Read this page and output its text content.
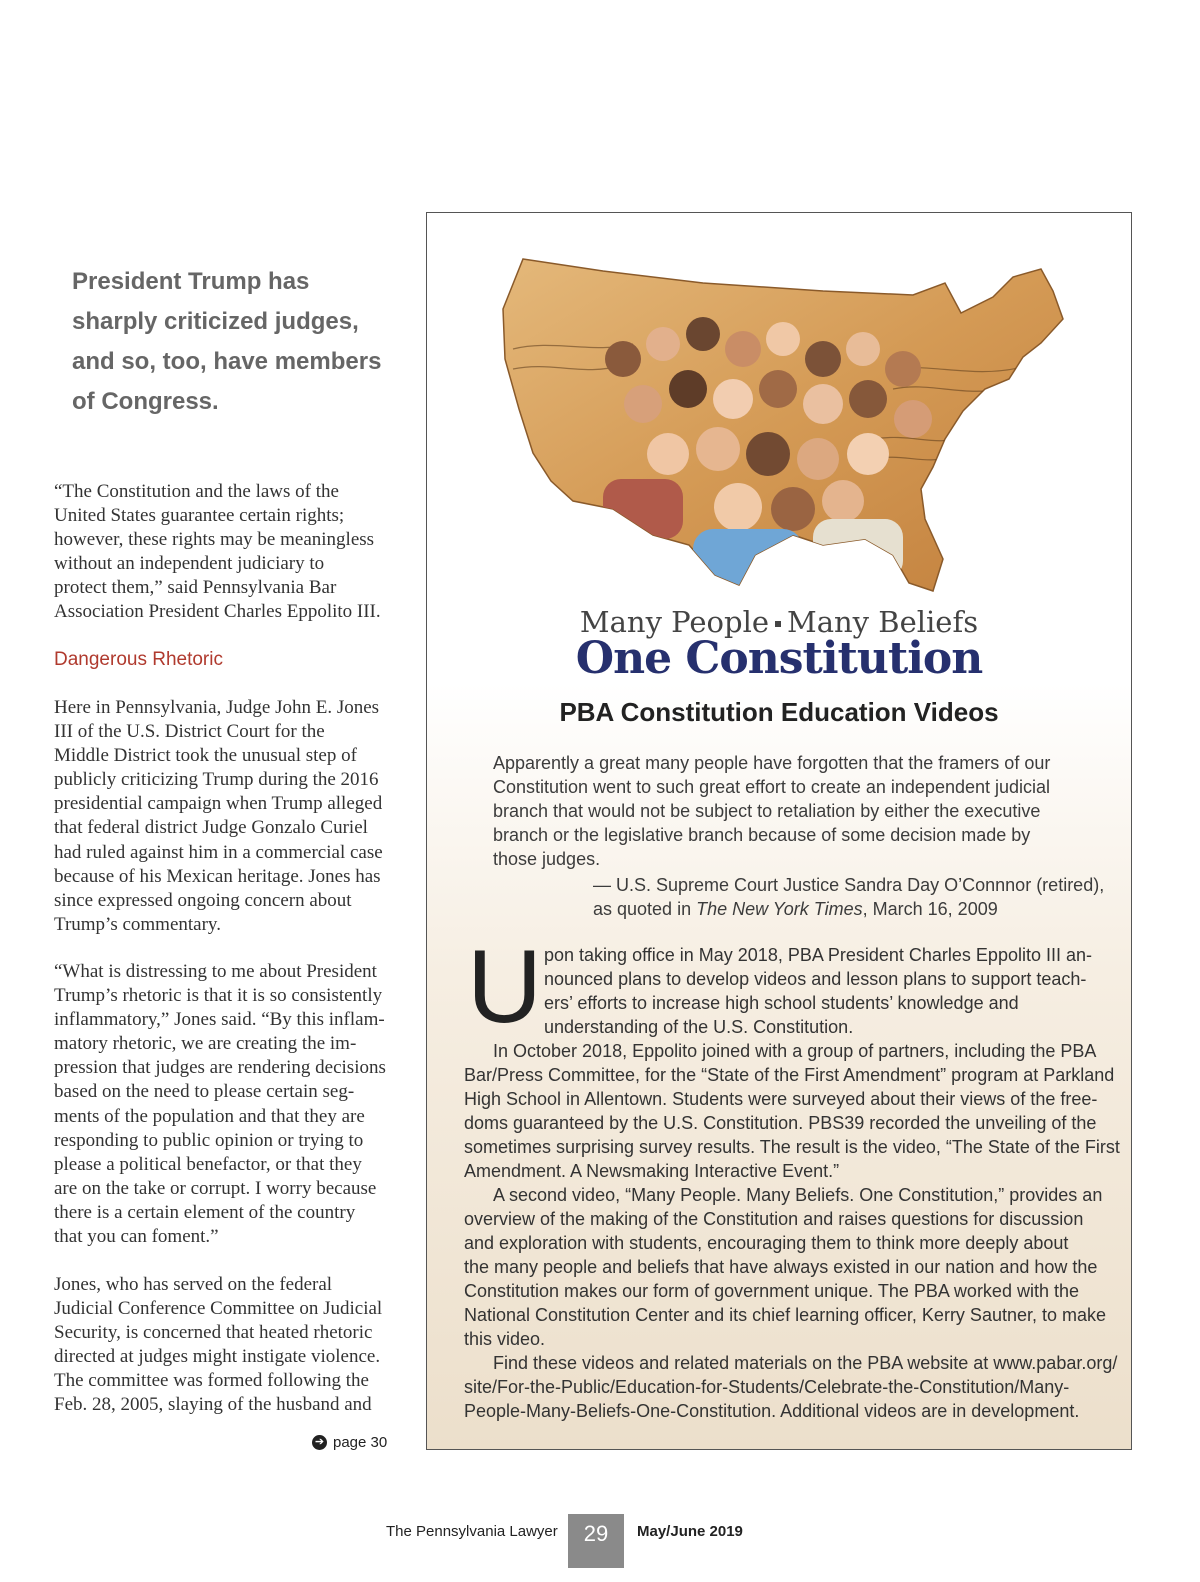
President Trump has
sharply criticized judges,
and so, too, have members
of Congress.

“The Constitution and the laws of the
United States guarantee certain rights;
however, these rights may be meaningless
without an independent judiciary to
protect them,” said Pennsylvania Bar
Association President Charles Eppolito III.

Dangerous Rhetoric

Here in Pennsylvania, Judge John E. Jones
III of the U.S. District Court for the
Middle District took the unusual step of
publicly criticizing Trump during the 2016
presidential campaign when Trump alleged
that federal district Judge Gonzalo Curiel
had ruled against him in a commercial case
because of his Mexican heritage. Jones has
since expressed ongoing concern about
Trump’s commentary.

“What is distressing to me about President
Trump’s rhetoric is that it is so consistently
inflammatory,” Jones said. “By this inflam-
matory rhetoric, we are creating the im-
pression that judges are rendering decisions
based on the need to please certain seg-
ments of the population and that they are
responding to public opinion or trying to
please a political benefactor, or that they
are on the take or corrupt. I worry because
there is a certain element of the country
that you can foment.”

Jones, who has served on the federal
Judicial Conference Committee on Judicial
Security, is concerned that heated rhetoric
directed at judges might instigate violence.
The committee was formed following the
Feb. 28, 2005, slaying of the husband and

➔ page 30
Many People Many Beliefs
One Constitution
PBA Constitution Education Videos
Apparently a great many people have forgotten that the framers of our
Constitution went to such great effort to create an independent judicial
branch that would not be subject to retaliation by either the executive
branch or the legislative branch because of some decision made by
those judges.
— U.S. Supreme Court Justice Sandra Day O’Connnor (retired),
as quoted in The New York Times, March 16, 2009
U pon taking office in May 2018, PBA President Charles Eppolito III an-
nounced plans to develop videos and lesson plans to support teach-
ers’ efforts to increase high school students’ knowledge and
understanding of the U.S. Constitution.
In October 2018, Eppolito joined with a group of partners, including the PBA
Bar/Press Committee, for the “State of the First Amendment” program at Parkland
High School in Allentown. Students were surveyed about their views of the free-
doms guaranteed by the U.S. Constitution. PBS39 recorded the unveiling of the
sometimes surprising survey results. The result is the video, “The State of the First
Amendment. A Newsmaking Interactive Event.”
A second video, “Many People. Many Beliefs. One Constitution,” provides an
overview of the making of the Constitution and raises questions for discussion
and exploration with students, encouraging them to think more deeply about
the many people and beliefs that have always existed in our nation and how the
Constitution makes our form of government unique. The PBA worked with the
National Constitution Center and its chief learning officer, Kerry Sautner, to make
this video.
Find these videos and related materials on the PBA website at www.pabar.org/
site/For-the-Public/Education-for-Students/Celebrate-the-Constitution/Many-
People-Many-Beliefs-One-Constitution. Additional videos are in development.
The Pennsylvania Lawyer	29	May/June 2019
